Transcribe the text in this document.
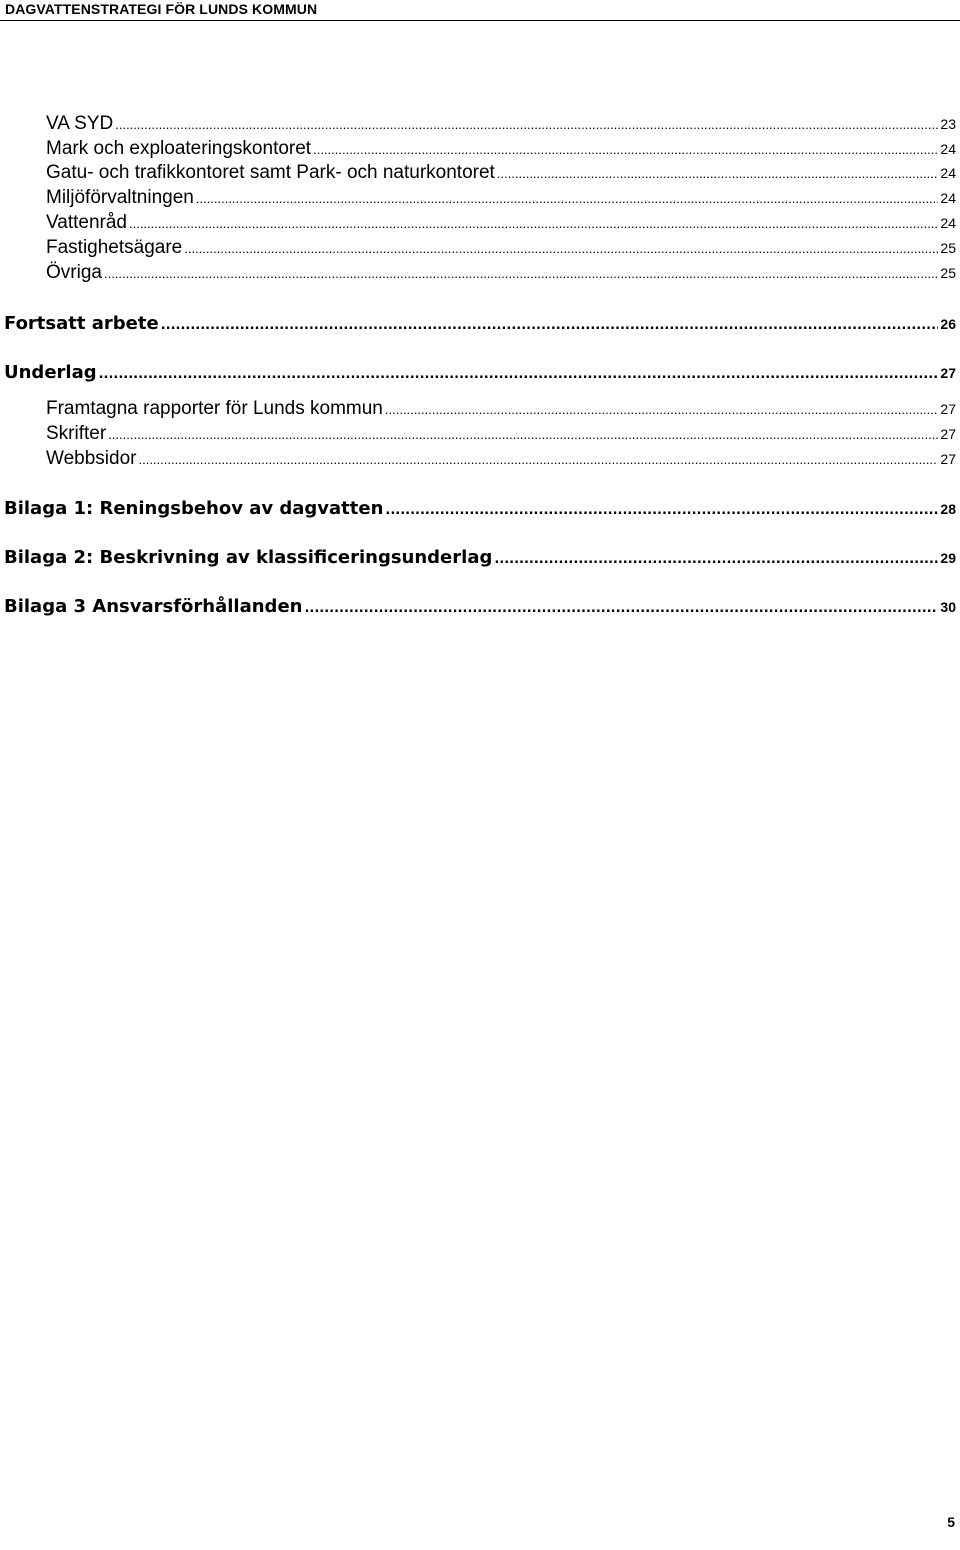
DAGVATTENSTRATEGI FÖR LUNDS KOMMUN
VA SYD .....	23
Mark och exploateringskontoret .....	24
Gatu- och trafikkontoret samt Park- och naturkontoret .....	24
Miljöförvaltningen .....	24
Vattenråd .....	24
Fastighetsägare .....	25
Övriga .....	25
Fortsatt arbete .....	26
Underlag .....	27
Framtagna rapporter för Lunds kommun .....	27
Skrifter .....	27
Webbsidor .....	27
Bilaga 1: Reningsbehov av dagvatten .....	28
Bilaga 2: Beskrivning av klassificeringsunderlag .....	29
Bilaga 3 Ansvarsförhållanden .....	30
5
